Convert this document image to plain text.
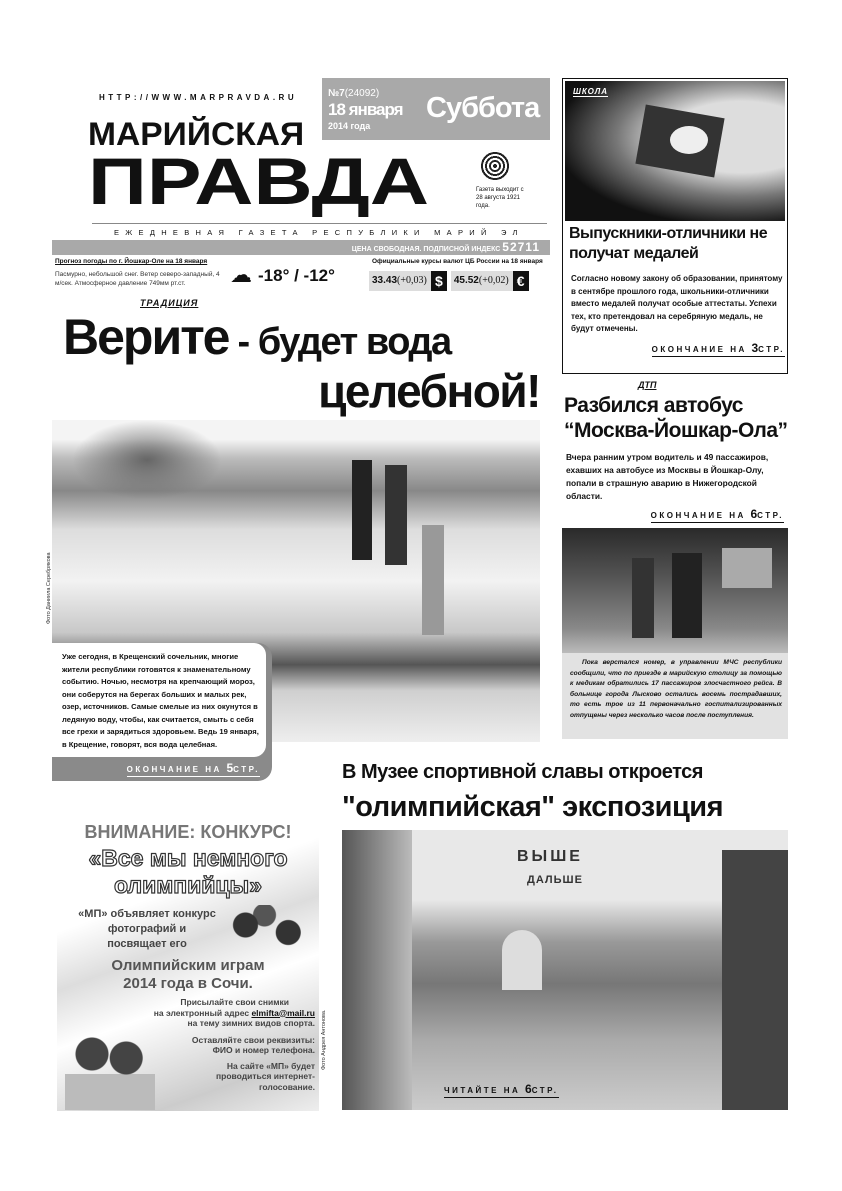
HTTP://WWW.MARPRAVDA.RU	№7(24092)
18 января
2014 года
Суббота
МАРИЙСКАЯ
ПРАВДА	Газета выходит с 28 августа 1921 года.
ЕЖЕДНЕВНАЯ ГАЗЕТА РЕСПУБЛИКИ МАРИЙ ЭЛ
ЦЕНА СВОБОДНАЯ. ПОДПИСНОЙ ИНДЕКС 52711
Прогноз погоды по г. Йошкар-Оле на 18 января
Пасмурно, небольшой снег. Ветер северо-западный, 4 м/сек. Атмосферное давление 749мм рт.ст.	☁ -18° / -12°
Официальные курсы валют ЦБ России на 18 января
33.43(+0,03) $	45.52(+0,02) €
ШКОЛА
Выпускники-отличники не получат медалей
Согласно новому закону об образовании, принятому в сентябре прошлого года, школьники-отличники вместо медалей получат особые аттестаты. Успехи тех, кто претендовал на серебряную медаль, не будут отмечены.
ОКОНЧАНИЕ НА 3СТР.
ТРАДИЦИЯ
Верите - будет вода
целебной!
Фото Даниила Серебрякова
Уже сегодня, в Крещенский сочельник, многие жители республики готовятся к знаменательному событию. Ночью, несмотря на крепчающий мороз, они соберутся на берегах больших и малых рек, озер, источников. Самые смелые из них окунутся в ледяную воду, чтобы, как считается, смыть с себя все грехи и зарядиться здоровьем. Ведь 19 января, в Крещение, говорят, вся вода целебная.
ОКОНЧАНИЕ НА 5СТР.
ДТП
Разбился автобус
“Москва-Йошкар-Ола”
Вчера ранним утром водитель и 49 пассажиров, ехавших на автобусе из Москвы в Йошкар-Олу, попали в страшную аварию в Нижегородской области.
ОКОНЧАНИЕ НА 6СТР.
Пока верстался номер, в управлении МЧС республики сообщили, что по приезде в марийскую столицу за помощью к медикам обратились 17 пассажиров злосчастного рейса. В больнице города Лысково остались восемь пострадавших, то есть трое из 11 первоначально госпитализированных отпущены через несколько часов после поступления.
В Музее спортивной славы откроется
"олимпийская" экспозиция
ВЫШЕ
ДАЛЬШЕ
ЧИТАЙТЕ НА 6СТР.
Фото Андрея Антонова.
ВНИМАНИЕ: КОНКУРС!
«Все мы немного
олимпийцы»
«МП» объявляет конкурс фотографий и посвящает его
Олимпийским играм
2014 года в Сочи.
Присылайте свои снимки
на электронный адрес elmifta@mail.ru
на тему зимних видов спорта.
Оставляйте свои реквизиты: ФИО и номер телефона.
На сайте «МП» будет проводиться интернет-голосование.
